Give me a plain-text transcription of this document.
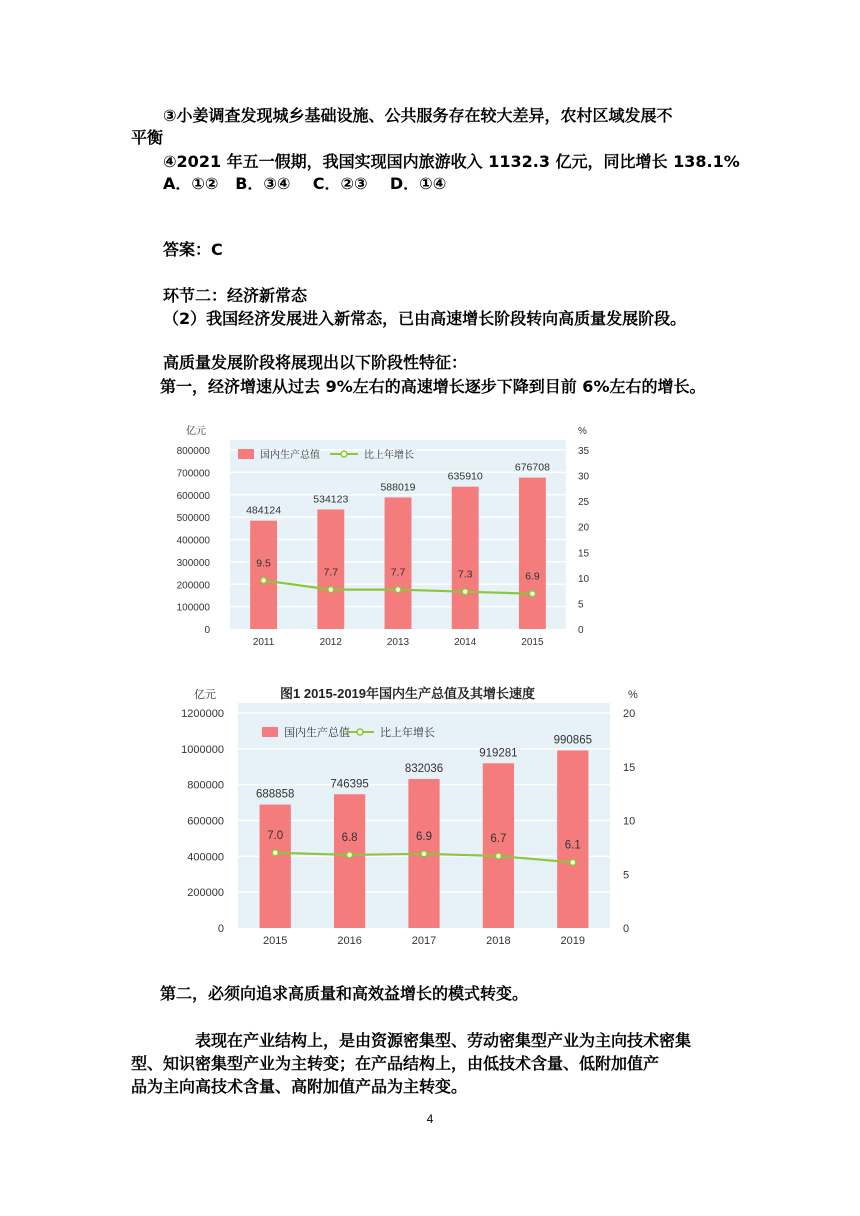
③小姜调查发现城乡基础设施、公共服务存在较大差异，农村区域发展不
平衡
④2021 年五一假期，我国实现国内旅游收入 1132.3 亿元，同比增长 138.1%
A．①②   B．③④    C．②③    D．①④
答案：C
环节二：经济新常态
（2）我国经济发展进入新常态，已由高速增长阶段转向高质量发展阶段。
高质量发展阶段将展现出以下阶段性特征：
第一，经济增速从过去 9%左右的高速增长逐步下降到目前 6%左右的增长。
800000
700000
600000
500000
400000
300000
200000
100000
0
35
30
25
20
15
10
5
0
亿元	%
484124
2011
534123
2012
588019
2013
635910
2014
676708
2015
9.5
7.7	7.7	7.3	6.9
国内生产总值	比上年增长
图1 2015-2019年国内生产总值及其增长速度
1200000
1000000
800000
600000
400000
200000
0
20
15
10
5
0
亿元	%
688858
2015
746395
2016
832036
2017
919281
2018
990865
2019
7.0	6.8	6.9	6.7
6.1
国内生产总值	比上年增长
第二，必须向追求高质量和高效益增长的模式转变。
表现在产业结构上，是由资源密集型、劳动密集型产业为主向技术密集
型、知识密集型产业为主转变；在产品结构上，由低技术含量、低附加值产
品为主向高技术含量、高附加值产品为主转变。
4
